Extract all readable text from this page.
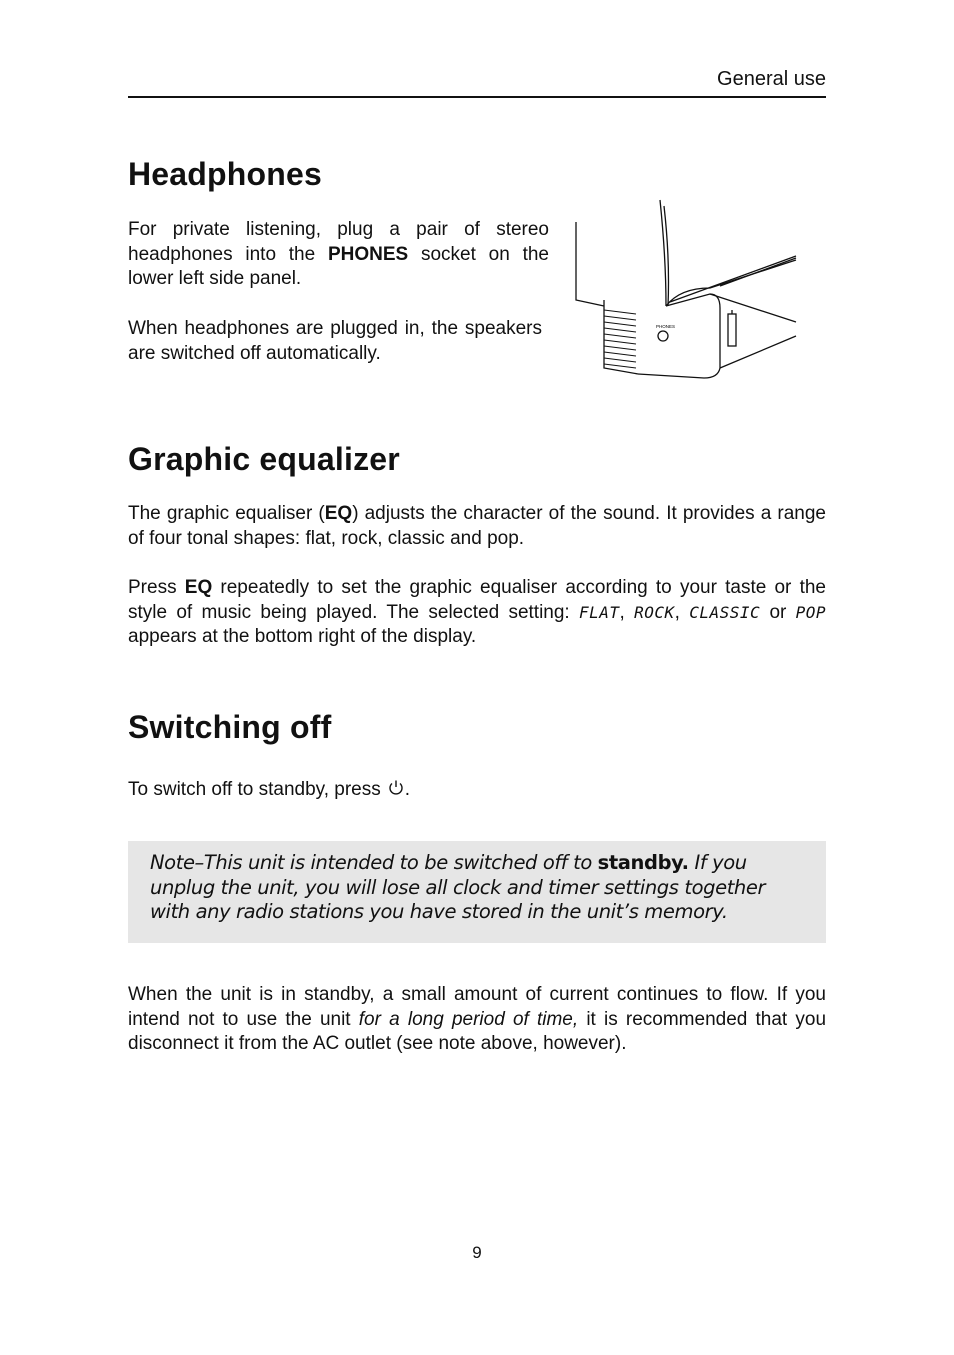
General use
Headphones

For private listening, plug a pair of stereo headphones into the PHONES socket on the lower left side panel.

When headphones are plugged in, the speakers are switched off automatically.

PHONES
Graphic equalizer

The graphic equaliser (EQ) adjusts the character of the sound. It provides a range of four tonal shapes: flat, rock, classic and pop.

Press EQ repeatedly to set the graphic equaliser according to your taste or the style of music being played. The selected setting: FLAT, ROCK, CLASSIC or POP appears at the bottom right of the display.

Switching off

To switch off to standby, press .

Note–This unit is intended to be switched off to standby. If you unplug the unit, you will lose all clock and timer settings together with any radio stations you have stored in the unit’s memory.

When the unit is in standby, a small amount of current continues to flow. If you intend not to use the unit for a long period of time, it is recommended that you disconnect it from the AC outlet (see note above, however).

9
